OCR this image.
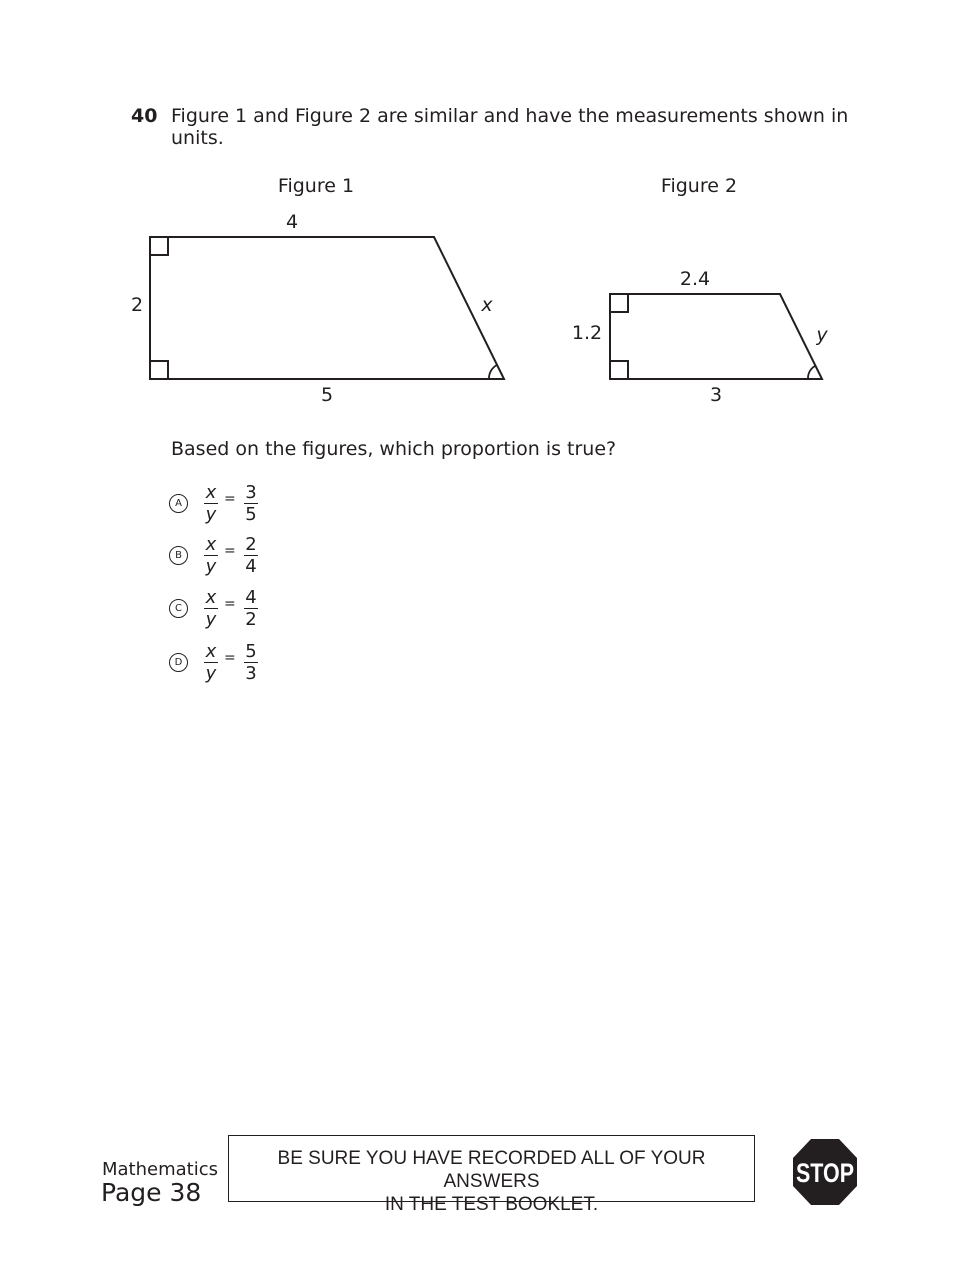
40 Figure 1 and Figure 2 are similar and have the measurements shown in units.
Figure 1
4
2	x
5
Figure 2
2.4
1.2	y
3
Based on the figures, which proportion is true?
A	$\frac{x}{y} = \frac{3}{5}$
B	$\frac{x}{y} = \frac{2}{4}$
C	$\frac{x}{y} = \frac{4}{2}$
D	$\frac{x}{y} = \frac{5}{3}$
Mathematics
Page 38
BE SURE YOU HAVE RECORDED ALL OF YOUR ANSWERS
IN THE TEST BOOKLET.
STOP
